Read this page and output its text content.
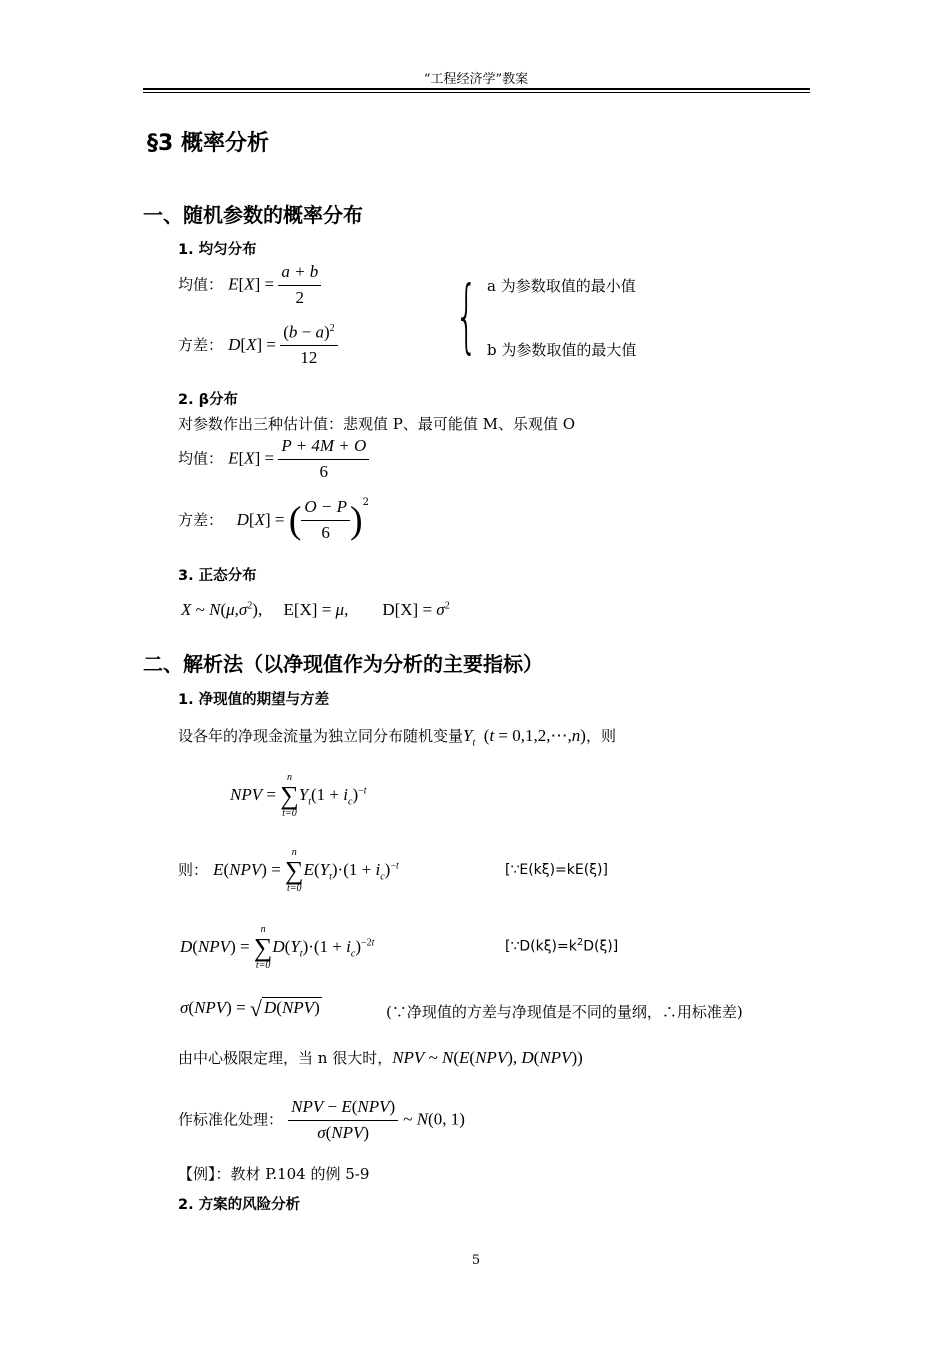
“工程经济学”教案
§3 概率分析
一、随机参数的概率分布
1. 均匀分布
均值： $E[X] = \frac{a + b}{2}$ { a 为参数取值的最小值
b 为参数取值的最大值
方差： $D[X] = \frac{(b - a)^2}{12}$
2. β分布
对参数作出三种估计值：悲观值 P、最可能值 M、乐观值 O
均值： $E[X] = \frac{P + 4M + O}{6}$
方差： D[X] = ( $\frac{O - P}{6} )^2$
3. 正态分布
X ~ $N(\mu,\sigma^2)$,     E[X] = μ,        $D[X] = \sigma^2$
二、解析法（以净现值作为分析的主要指标）
1. 净现值的期望与方差
设各年的净现金流量为独立同分布随机变量$Y_t$  (t = 0,1,2,⋯,n)，则
NPV =
n
∑
t=0
$Y_t(1 + i_c)^{-t}$
则： E(NPV) =
n
∑
t=0
$E(Y_t)\cdot(1 + i_c)^{-t}$	[∵E(kξ)=kE(ξ)]
D(NPV) =
n
∑
t=0
$D(Y_t)\cdot(1 + i_c)^{-2t}$	$[\because D(k\xi)=k^2D(\xi)]$
σ(NPV) = √ D(NPV)	(∵净现值的方差与净现值是不同的量纲，∴用标准差)
由中心极限定理，当 n 很大时，NPV ~ N(E(NPV), D(NPV))
作标准化处理： $\frac{\text{NPV − E(NPV)}}{\text{σ(NPV)}}$ ~ N(0, 1)
【例】：教材 P.104 的例 5-9
2. 方案的风险分析
5
